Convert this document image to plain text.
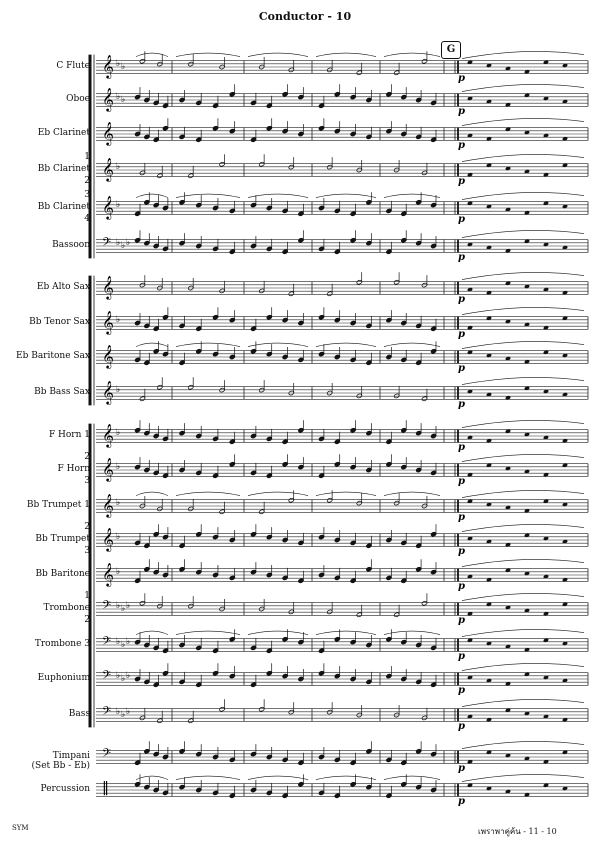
Conductor - 10
G
𝄞 ♭ ♭
p
𝄞 ♭ ♭
p
𝄞
p
𝄞 ♭
p
𝄞 ♭
p
𝄢 ♭ ♭ ♭
p
𝄞
p
𝄞 ♭
p
𝄞
p
𝄞 ♭
p
𝄞 ♭
p
𝄞 ♭
p
𝄞 ♭
p
𝄞 ♭
p
𝄞 ♭
p
𝄢 ♭ ♭ ♭
p
𝄢 ♭ ♭ ♭
p
𝄢 ♭ ♭ ♭
p
𝄢 ♭ ♭ ♭
p
𝄢
p
‖
p
C Flute
Oboe
Eb Clarinet
Bb Clarinet
1
2
Bb Clarinet
3
4
Bassoon
Eb Alto Sax
Bb Tenor Sax
Eb Baritone Sax
Bb Bass Sax
F Horn 1
F Horn
2
3
Bb Trumpet 1
Bb Trumpet
2
3
Bb Baritone
Trombone
1
2
Trombone 3
Euphonium
Bass
Timpani
(Set Bb - Eb)
Percussion
SYM	เพราพาคู่ค้น - 11 - 10
